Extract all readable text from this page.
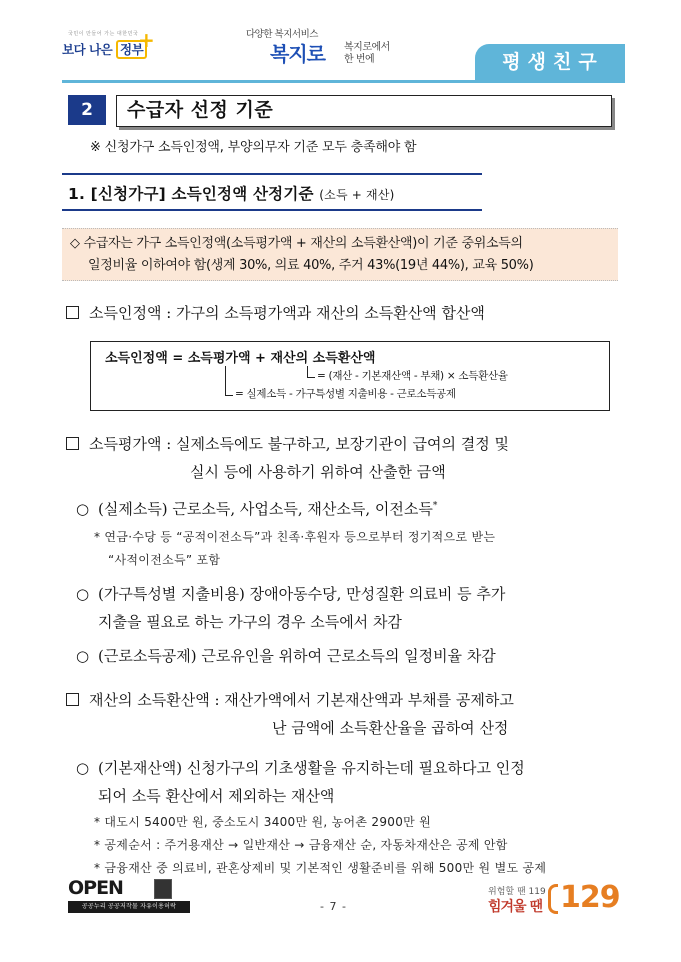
국민이 만들어 가는 대한민국
보다 나은 정부
+	다양한 복지서비스
복지로 복지로에서
한 번에	평생친구
2	수급자 선정 기준
※ 신청가구 소득인정액, 부양의무자 기준 모두 충족해야 함
1. [신청가구] 소득인정액 산정기준 (소득 + 재산)
◇ 수급자는 가구 소득인정액(소득평가액 + 재산의 소득환산액)이 기준 중위소득의
일정비율 이하여야 함(생계 30%, 의료 40%, 주거 43%(19년 44%), 교육 50%)
소득인정액 : 가구의 소득평가액과 재산의 소득환산액 합산액
소득인정액 = 소득평가액 + 재산의 소득환산액
= (재산 - 기본재산액 - 부채) × 소득환산율
= 실제소득 - 가구특성별 지출비용 - 근로소득공제
소득평가액 : 실제소득에도 불구하고, 보장기관이 급여의 결정 및
실시 등에 사용하기 위하여 산출한 금액
○ (실제소득) 근로소득, 사업소득, 재산소득, 이전소득*
* 연금·수당 등 “공적이전소득”과 친족·후원자 등으로부터 정기적으로 받는
“사적이전소득” 포함
○ (가구특성별 지출비용) 장애아동수당, 만성질환 의료비 등 추가
지출을 필요로 하는 가구의 경우 소득에서 차감
○ (근로소득공제) 근로유인을 위하여 근로소득의 일정비율 차감
재산의 소득환산액 : 재산가액에서 기본재산액과 부채를 공제하고
난 금액에 소득환산율을 곱하여 산정
○ (기본재산액) 신청가구의 기초생활을 유지하는데 필요하다고 인정
되어 소득 환산에서 제외하는 재산액
* 대도시 5400만 원, 중소도시 3400만 원, 농어촌 2900만 원
* 공제순서 : 주거용재산 → 일반재산 → 금융재산 순, 자동차재산은 공제 안함
* 금융재산 중 의료비, 관혼상제비 및 기본적인 생활준비를 위해 500만 원 별도 공제
OPEN
공공누리 공공저작물 자유이용허락	- 7 -
위험할 땐 119
힘겨울 땐 129
